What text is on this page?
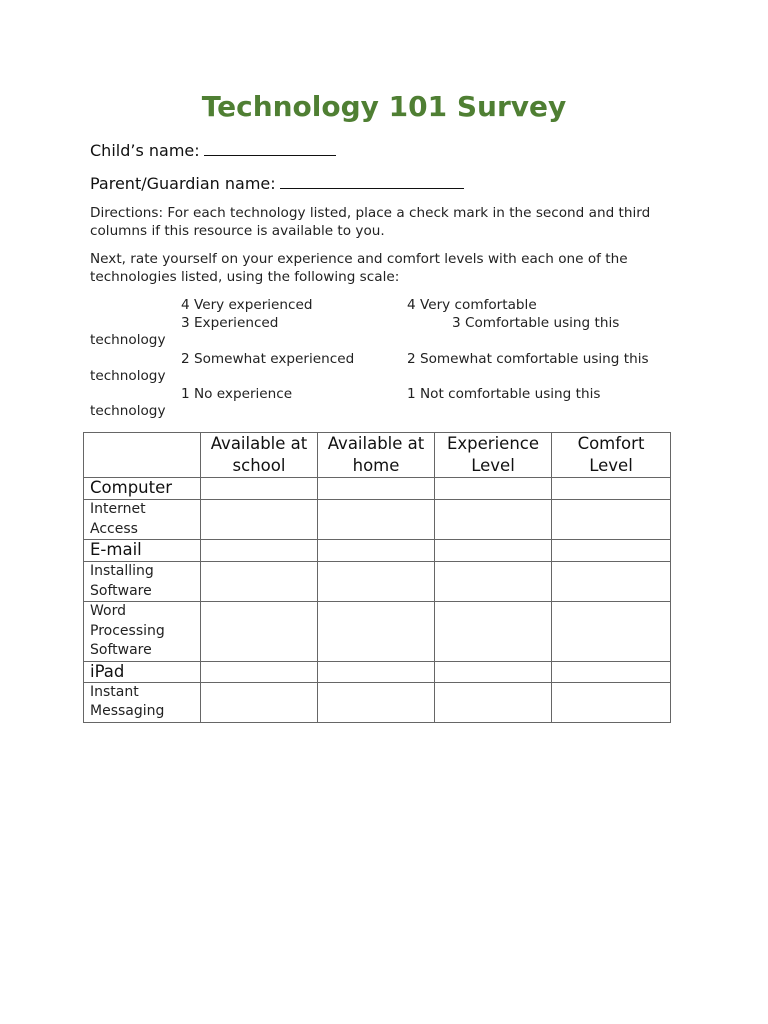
Technology 101 Survey
Child’s name:
Parent/Guardian name:
Directions: For each technology listed, place a check mark in the second and third columns if this resource is available to you.
Next, rate yourself on your experience and comfort levels with each one of the technologies listed, using the following scale:
4 Very experienced	4 Very comfortable
3 Experienced	3 Comfortable using this
technology
2 Somewhat experienced	2 Somewhat comfortable using this
technology
1 No experience	1 Not comfortable using this
technology
	Available at school	Available at home	Experience Level	Comfort Level
Computer				
Internet Access				
E-mail				
Installing Software				
Word Processing Software				
iPad				
Instant Messaging				
